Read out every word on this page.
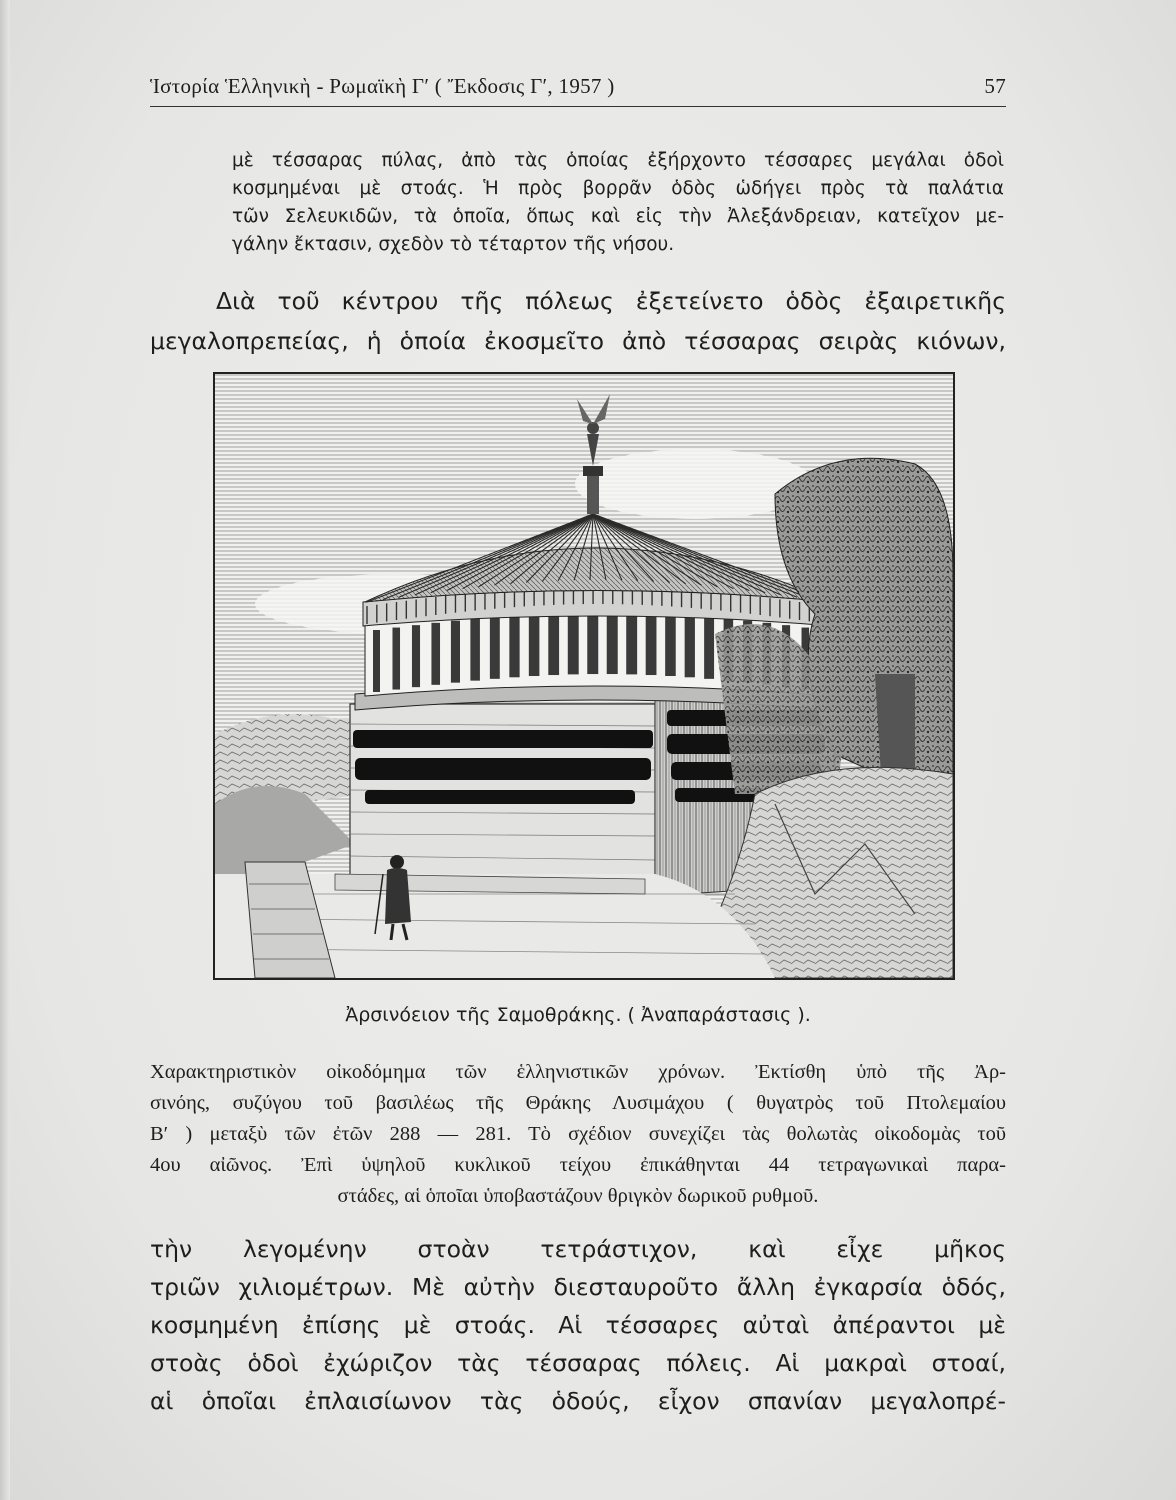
Ἱστορία Ἑλληνικὴ - Ρωμαϊκὴ Γ′ ( Ἔκδοσις Γ′, 1957 )	57
μὲ τέσσαρας πύλας, ἀπὸ τὰς ὁποίας ἐξήρχοντο τέσσαρες μεγάλαι ὁδοὶ
κοσμημέναι μὲ στοάς. Ἡ πρὸς βορρᾶν ὁδὸς ὡδήγει πρὸς τὰ παλάτια
τῶν Σελευκιδῶν, τὰ ὁποῖα, ὅπως καὶ εἰς τὴν Ἀλεξάνδρειαν, κατεῖχον με-
γάλην ἔκτασιν, σχεδὸν τὸ τέταρτον τῆς νήσου.
Διὰ τοῦ κέντρου τῆς πόλεως ἐξετείνετο ὁδὸς ἐξαιρετικῆς
μεγαλοπρεπείας, ἡ ὁποία ἐκοσμεῖτο ἀπὸ τέσσαρας σειρὰς κιόνων,
Ἀρσινόειον τῆς Σαμοθράκης. ( Ἀναπαράστασις ).
Χαρακτηριστικὸν οἰκοδόμημα τῶν ἑλληνιστικῶν χρόνων. Ἐκτίσθη ὑπὸ τῆς Ἀρ-
σινόης, συζύγου τοῦ βασιλέως τῆς Θράκης Λυσιμάχου ( θυγατρὸς τοῦ Πτολεμαίου
Β′ ) μεταξὺ τῶν ἐτῶν 288 — 281. Τὸ σχέδιον συνεχίζει τὰς θολωτὰς οἰκοδομὰς τοῦ
4ου αἰῶνος. Ἐπὶ ὑψηλοῦ κυκλικοῦ τείχου ἐπικάθηνται 44 τετραγωνικαὶ παρα-
στάδες, αἱ ὁποῖαι ὑποβαστάζουν θριγκὸν δωρικοῦ ρυθμοῦ.
τὴν λεγομένην στοὰν τετράστιχον, καὶ εἶχε μῆκος
τριῶν χιλιομέτρων. Μὲ αὐτὴν διεσταυροῦτο ἄλλη ἐγκαρσία ὁδός,
κοσμημένη ἐπίσης μὲ στοάς. Αἱ τέσσαρες αὐταὶ ἀπέραντοι μὲ
στοὰς ὁδοὶ ἐχώριζον τὰς τέσσαρας πόλεις. Αἱ μακραὶ στοαί,
αἱ ὁποῖαι ἐπλαισίωνον τὰς ὁδούς, εἶχον σπανίαν μεγαλοπρέ-
